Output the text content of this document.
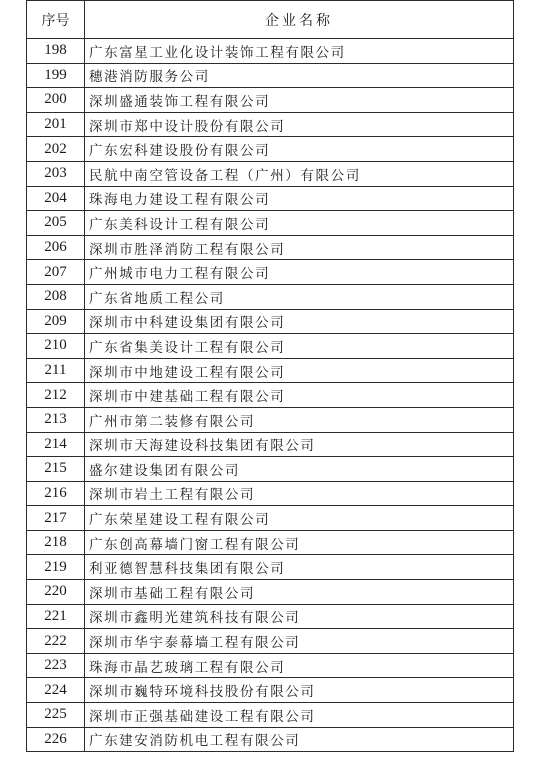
序号	企业名称
198	广东富星工业化设计装饰工程有限公司
199	穗港消防服务公司
200	深圳盛通装饰工程有限公司
201	深圳市郑中设计股份有限公司
202	广东宏科建设股份有限公司
203	民航中南空管设备工程（广州）有限公司
204	珠海电力建设工程有限公司
205	广东美科设计工程有限公司
206	深圳市胜泽消防工程有限公司
207	广州城市电力工程有限公司
208	广东省地质工程公司
209	深圳市中科建设集团有限公司
210	广东省集美设计工程有限公司
211	深圳市中地建设工程有限公司
212	深圳市中建基础工程有限公司
213	广州市第二装修有限公司
214	深圳市天海建设科技集团有限公司
215	盛尔建设集团有限公司
216	深圳市岩土工程有限公司
217	广东荣星建设工程有限公司
218	广东创高幕墙门窗工程有限公司
219	利亚德智慧科技集团有限公司
220	深圳市基础工程有限公司
221	深圳市鑫明光建筑科技有限公司
222	深圳市华宇泰幕墙工程有限公司
223	珠海市晶艺玻璃工程有限公司
224	深圳市巍特环境科技股份有限公司
225	深圳市正强基础建设工程有限公司
226	广东建安消防机电工程有限公司
